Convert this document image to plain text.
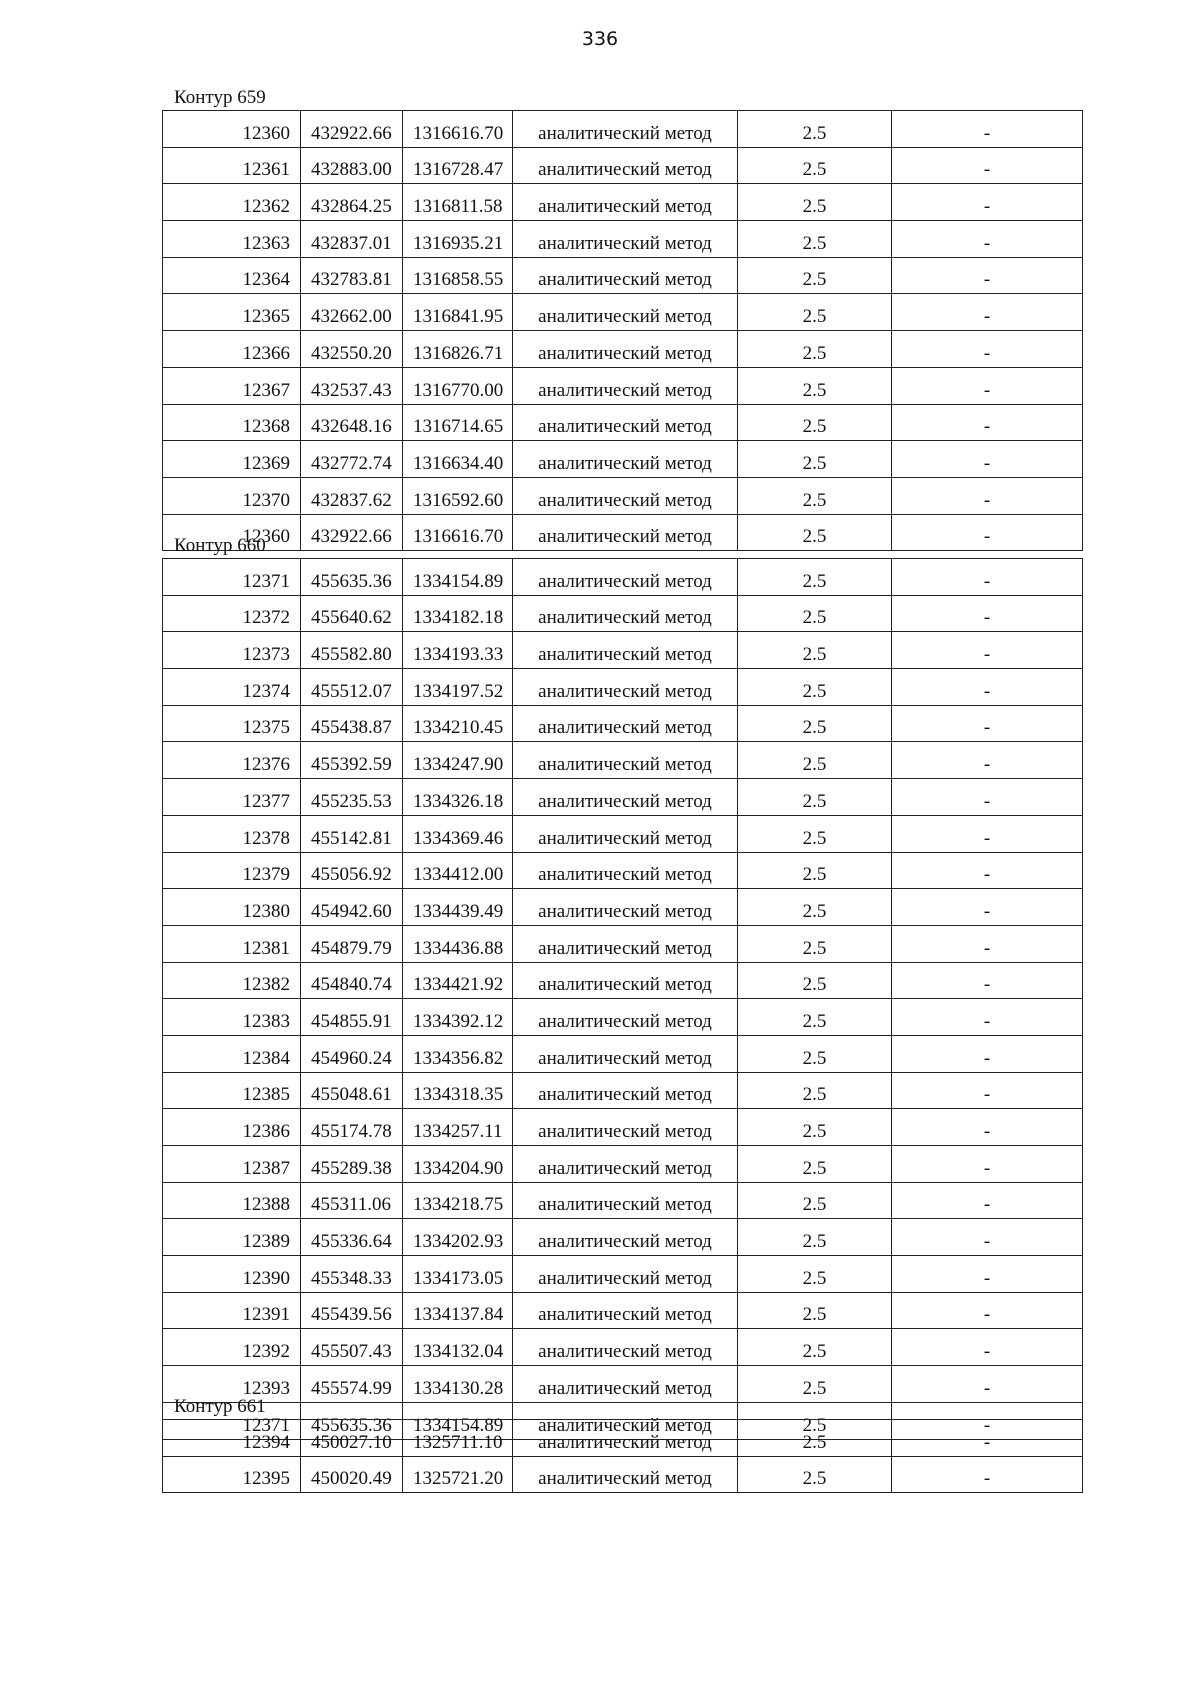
336
Контур 659
12360	432922.66	1316616.70	аналитический метод	2.5	-
12361	432883.00	1316728.47	аналитический метод	2.5	-
12362	432864.25	1316811.58	аналитический метод	2.5	-
12363	432837.01	1316935.21	аналитический метод	2.5	-
12364	432783.81	1316858.55	аналитический метод	2.5	-
12365	432662.00	1316841.95	аналитический метод	2.5	-
12366	432550.20	1316826.71	аналитический метод	2.5	-
12367	432537.43	1316770.00	аналитический метод	2.5	-
12368	432648.16	1316714.65	аналитический метод	2.5	-
12369	432772.74	1316634.40	аналитический метод	2.5	-
12370	432837.62	1316592.60	аналитический метод	2.5	-
12360	432922.66	1316616.70	аналитический метод	2.5	-
Контур 660
12371	455635.36	1334154.89	аналитический метод	2.5	-
12372	455640.62	1334182.18	аналитический метод	2.5	-
12373	455582.80	1334193.33	аналитический метод	2.5	-
12374	455512.07	1334197.52	аналитический метод	2.5	-
12375	455438.87	1334210.45	аналитический метод	2.5	-
12376	455392.59	1334247.90	аналитический метод	2.5	-
12377	455235.53	1334326.18	аналитический метод	2.5	-
12378	455142.81	1334369.46	аналитический метод	2.5	-
12379	455056.92	1334412.00	аналитический метод	2.5	-
12380	454942.60	1334439.49	аналитический метод	2.5	-
12381	454879.79	1334436.88	аналитический метод	2.5	-
12382	454840.74	1334421.92	аналитический метод	2.5	-
12383	454855.91	1334392.12	аналитический метод	2.5	-
12384	454960.24	1334356.82	аналитический метод	2.5	-
12385	455048.61	1334318.35	аналитический метод	2.5	-
12386	455174.78	1334257.11	аналитический метод	2.5	-
12387	455289.38	1334204.90	аналитический метод	2.5	-
12388	455311.06	1334218.75	аналитический метод	2.5	-
12389	455336.64	1334202.93	аналитический метод	2.5	-
12390	455348.33	1334173.05	аналитический метод	2.5	-
12391	455439.56	1334137.84	аналитический метод	2.5	-
12392	455507.43	1334132.04	аналитический метод	2.5	-
12393	455574.99	1334130.28	аналитический метод	2.5	-
12371	455635.36	1334154.89	аналитический метод	2.5	-
Контур 661
12394	450027.10	1325711.10	аналитический метод	2.5	-
12395	450020.49	1325721.20	аналитический метод	2.5	-
